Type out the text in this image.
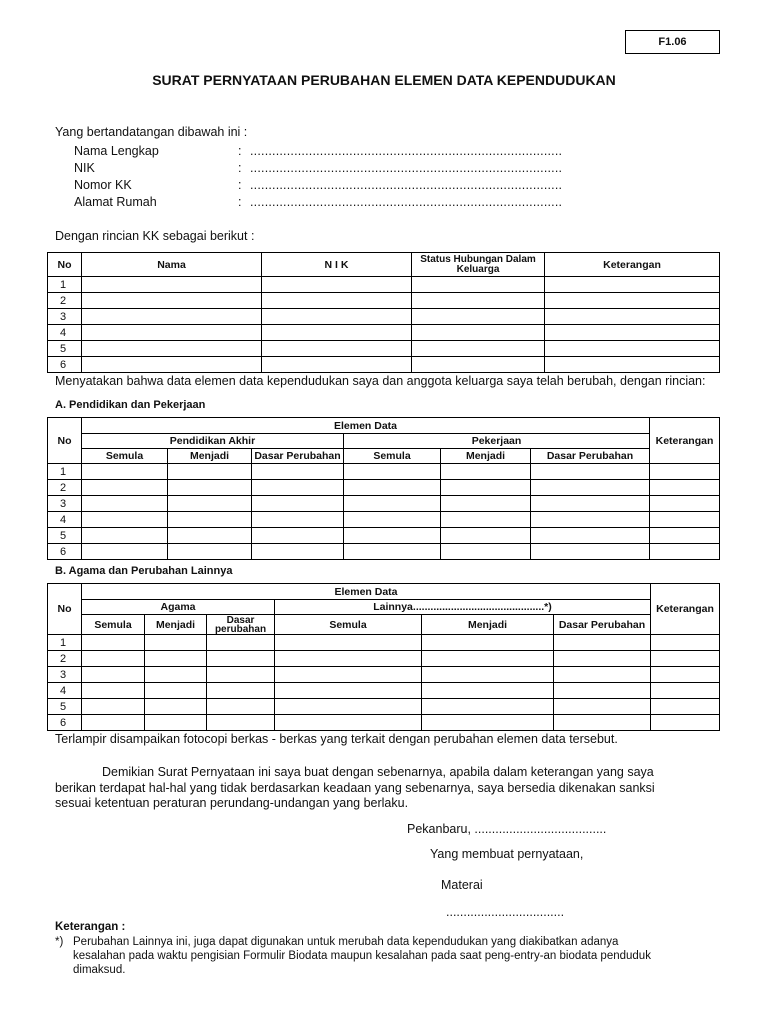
F1.06
SURAT PERNYATAAN PERUBAHAN ELEMEN DATA KEPENDUDUKAN
Yang bertandatangan dibawah ini :
Nama Lengkap	: .....................................................................................
NIK	: .....................................................................................
Nomor KK	: .....................................................................................
Alamat Rumah	: .....................................................................................
Dengan rincian KK sebagai berikut :
No	Nama	N I K	Status Hubungan Dalam Keluarga	Keterangan
1				
2				
3				
4				
5				
6				
Menyatakan bahwa data elemen data kependudukan saya dan anggota keluarga saya telah berubah, dengan rincian:
A. Pendidikan dan Pekerjaan
No	Elemen Data						Keterangan
	Pendidikan Akhir			Pekerjaan			
	Semula	Menjadi	Dasar Perubahan	Semula	Menjadi	Dasar Perubahan	
1							
2							
3							
4							
5							
6							
B. Agama dan Perubahan Lainnya
No	Elemen Data						Keterangan
	Agama			Lainnya.............................................*)			
	Semula	Menjadi	Dasar perubahan	Semula	Menjadi	Dasar Perubahan	
1							
2							
3							
4							
5							
6							
Terlampir disampaikan fotocopi berkas - berkas yang terkait dengan perubahan elemen data tersebut.
Demikian Surat Pernyataan ini saya buat dengan sebenarnya, apabila dalam keterangan yang saya
berikan terdapat hal-hal yang tidak berdasarkan keadaan yang sebenarnya, saya bersedia dikenakan sanksi
sesuai ketentuan peraturan perundang-undangan yang berlaku.
Pekanbaru, ......................................
Yang membuat pernyataan,
Materai
..................................
Keterangan :
*) Perubahan Lainnya ini, juga dapat digunakan untuk merubah data kependudukan yang diakibatkan adanya
kesalahan pada waktu pengisian Formulir Biodata maupun kesalahan pada saat peng-entry-an biodata penduduk
dimaksud.
